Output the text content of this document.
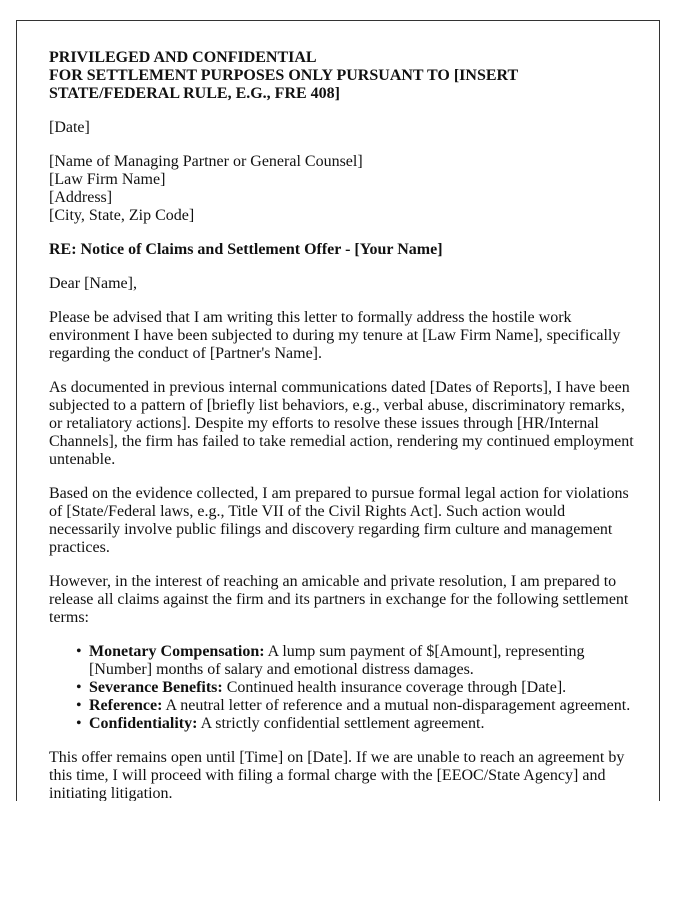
PRIVILEGED AND CONFIDENTIAL
FOR SETTLEMENT PURPOSES ONLY PURSUANT TO [INSERT STATE/FEDERAL RULE, E.G., FRE 408]

[Date]

[Name of Managing Partner or General Counsel]
[Law Firm Name]
[Address]
[City, State, Zip Code]

RE: Notice of Claims and Settlement Offer - [Your Name]

Dear [Name],

Please be advised that I am writing this letter to formally address the hostile work environment I have been subjected to during my tenure at [Law Firm Name], specifically regarding the conduct of [Partner's Name].

As documented in previous internal communications dated [Dates of Reports], I have been subjected to a pattern of [briefly list behaviors, e.g., verbal abuse, discriminatory remarks, or retaliatory actions]. Despite my efforts to resolve these issues through [HR/Internal Channels], the firm has failed to take remedial action, rendering my continued employment untenable.

Based on the evidence collected, I am prepared to pursue formal legal action for violations of [State/Federal laws, e.g., Title VII of the Civil Rights Act]. Such action would necessarily involve public filings and discovery regarding firm culture and management practices.

However, in the interest of reaching an amicable and private resolution, I am prepared to release all claims against the firm and its partners in exchange for the following settlement terms:

• Monetary Compensation: A lump sum payment of $[Amount], representing [Number] months of salary and emotional distress damages.
• Severance Benefits: Continued health insurance coverage through [Date].
• Reference: A neutral letter of reference and a mutual non-disparagement agreement.
• Confidentiality: A strictly confidential settlement agreement.

This offer remains open until [Time] on [Date]. If we are unable to reach an agreement by this time, I will proceed with filing a formal charge with the [EEOC/State Agency] and initiating litigation.
